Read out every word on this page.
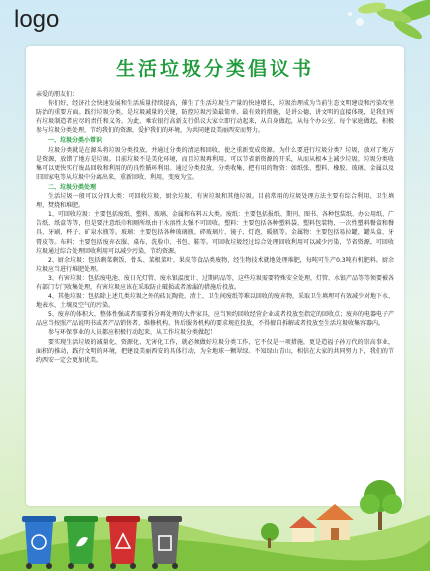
logo
生活垃圾分类倡议书

亲爱的朋友们：

你们好，经济社会快速发展和生活质量持续提高，催生了生活垃圾生产量的快速增长，垃圾治理成为当前生态文明建设和污染攻坚防治的重要方面。践行垃圾分类，是垃圾减量的关键，防控垃圾污染最简单、最有效的措施，是讲公德、讲文明的直接体现，是我们所有垃圾制造者应尽的责任和义务。为此，乘农银行高新支行倡议大家立即行动起来，从自身做起，从每个办公室、每个家庭做起，积极参与垃圾分类处理，节约我们的资源，爱护我们的环境，为共同建设美丽西安而努力。

一、垃圾分类小常识

垃圾分类就是在源头将垃圾分类投放，并通过分类的清运和回收，使之重新变成资源。为什么要进行垃圾分类？垃圾，放对了地方是资源，放错了地方是垃圾。目前垃圾不是美化环境，而且垃圾再利用，可以节省新资源的开采，从而从根本上减少垃圾。垃圾分类收集可以更快实行废品回收和利用的的良性循环利用。通过分类投放，分类收集，把有用的物资：如纸张、塑料、橡胶、玻璃、金属以及旧回家电等从垃圾中分离出来，重新回收、利用，变废为宝。

二、垃圾分类处理

生活垃圾一般可以分四大类：可回收垃圾、厨余垃圾、有害垃圾和其他垃圾。目前常用的垃圾处理方法主要有综合利用、卫生填埋、焚烧和堆肥。

1、可回收垃圾：主要包括废纸、塑料、玻璃、金属和布料五大类。废纸：主要包括报纸、期刊、图书、各种包装纸、办公用纸、广告纸、纸盒等等，但是要注意纸巾和厕所纸由于水溶性太强不可回收。塑料：主要包括各种塑料袋、塑料包装物、一次性塑料餐盒和餐具、牙刷、杯子、矿泉水瓶等。玻璃：主要包括各种玻璃瓶、碎玻璃片、镜子、灯泡、暖瓶等。金属物：主要包括易拉罐、罐头盒、牙膏皮等。布料：主要包括废弃衣服、桌布、洗脸巾、书包、鞋等。可回收垃圾经过综合处理回收利用可以减少污染，节省资源。可回收垃圾通过综合处理回收利用可以减少污染，节约资源。

2、厨余垃圾：包括剩菜剩饭、骨头、菜根菜叶、果皮等食品类废物，经生物技术就地处理堆肥，每吨可生产0.3吨有机肥料。厨余垃圾应当进行堆肥处理。

3、有害垃圾：包括废电池、废日光灯管、废水银温度计、过期药品等，这些垃圾需要特殊安全处理，灯管、水银产品等等须要被各有部门专门收集处理，有害垃圾应该在采取防止破损或者渗漏的措施后投放。

4、其他垃圾：包括除上述几类垃圾之外的砖瓦陶瓷、渣土、卫生间废纸等难以回收的废弃物，采取卫生填埋可有效减少对地下水、地表水、土壤及空气的污染。

5、废弃的体积大、整体性强或者需要拆分再处理的大件家具，应当预约回收经营企业或者投放至指定的回收点；废弃的电器电子产品应当按照产品说明书或者产品销售者、维修机构、售后服务机构的要求规范投放，不得擅自拆解或者投放至生活垃圾收集容器内。

参与环保事业的人员都应积极行动起来，从工作垃圾分类做起！

要实现生活垃圾的减量化、资源化、无害化工作，就必须做好垃圾分类工作，它不仅是一项措施，更是造福子孙万代的崇高事业，面积的推动，践行文明的环境，把建设美丽西安的具体行动，为全地球一颗翠绿。不知绿山青山，相信在大家的共同努力下，我们的节约西安一定会更加优美。
